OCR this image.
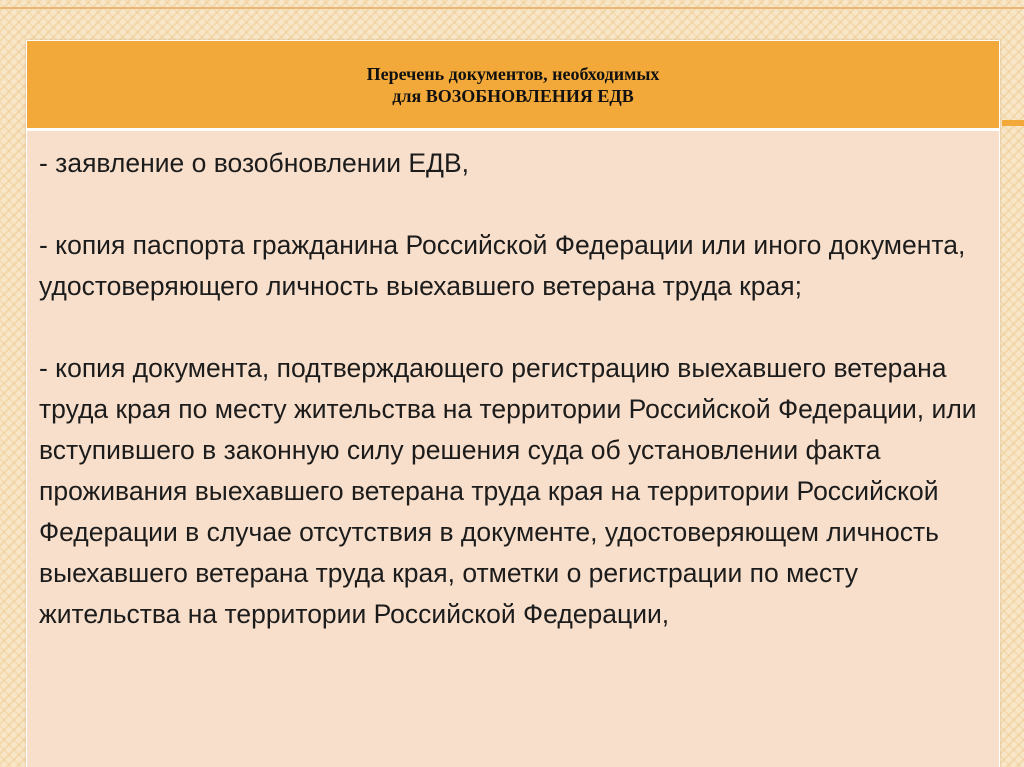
Перечень документов, необходимых
для ВОЗОБНОВЛЕНИЯ ЕДВ

- заявление о возобновлении ЕДВ,

- копия паспорта гражданина Российской Федерации или иного документа, удостоверяющего личность выехавшего ветерана труда края;

- копия документа, подтверждающего регистрацию выехавшего ветерана труда края по месту жительства на территории Российской Федерации, или вступившего в законную силу решения суда об установлении факта проживания выехавшего ветерана труда края на территории Российской Федерации в случае отсутствия в документе, удостоверяющем личность выехавшего ветерана труда края, отметки о регистрации по месту жительства на территории Российской Федерации,
